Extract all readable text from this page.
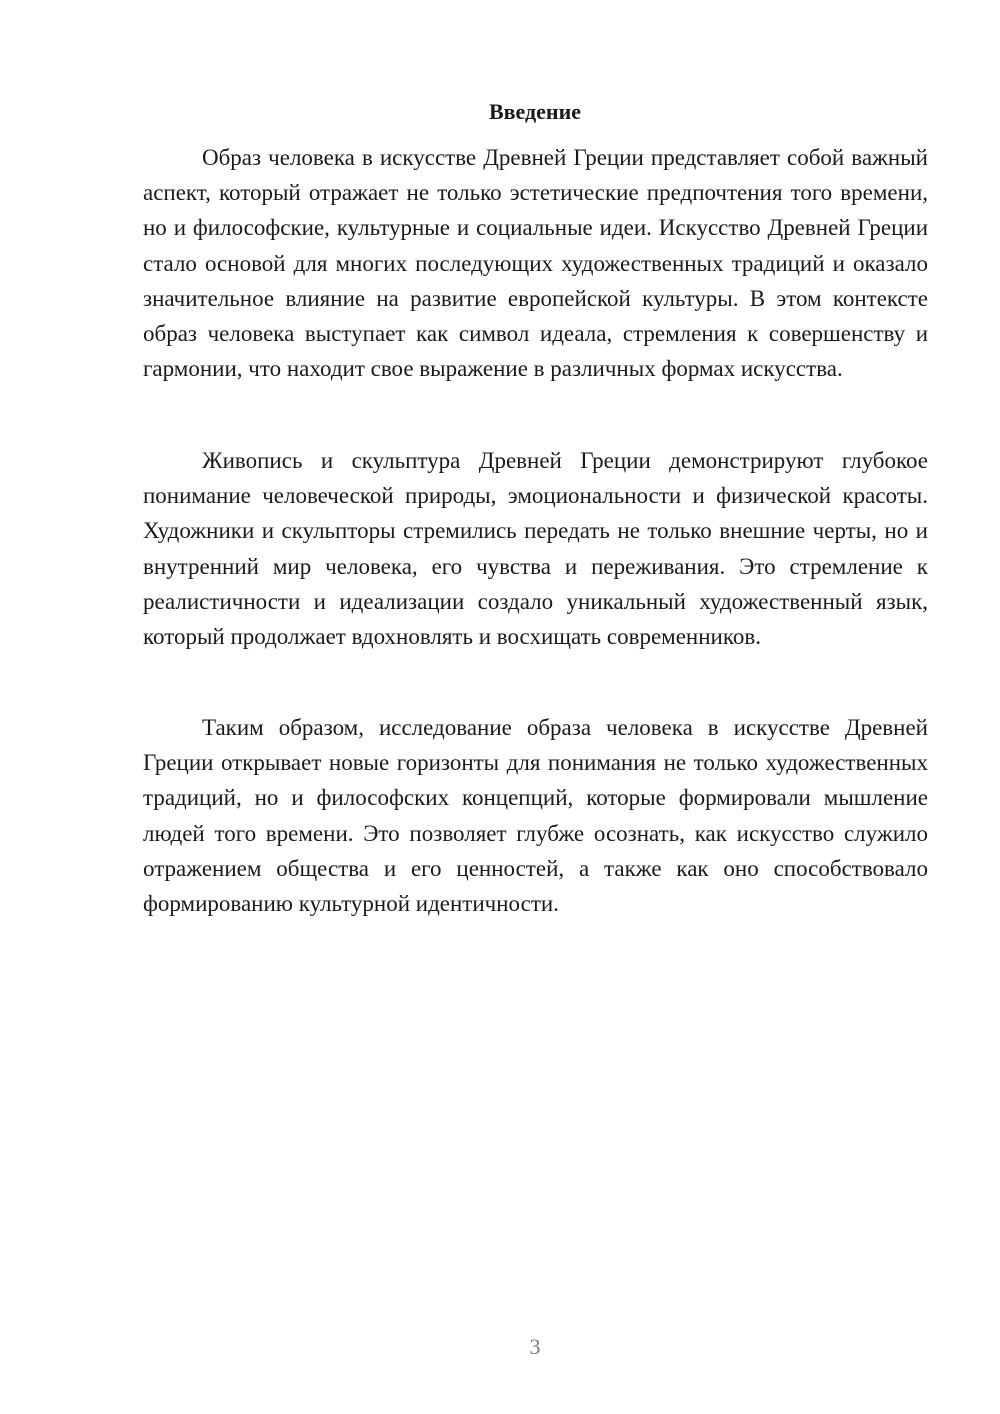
Введение

Образ человека в искусстве Древней Греции представляет собой важный аспект, который отражает не только эстетические предпочтения того времени, но и философские, культурные и социальные идеи. Искусство Древней Греции стало основой для многих последующих художественных традиций и оказало значительное влияние на развитие европейской культуры. В этом контексте образ человека выступает как символ идеала, стремления к совершенству и гармонии, что находит свое выражение в различных формах искусства.

Живопись и скульптура Древней Греции демонстрируют глубокое понимание человеческой природы, эмоциональности и физической красоты. Художники и скульпторы стремились передать не только внешние черты, но и внутренний мир человека, его чувства и переживания. Это стремление к реалистичности и идеализации создало уникальный художественный язык, который продолжает вдохновлять и восхищать современников.

Таким образом, исследование образа человека в искусстве Древней Греции открывает новые горизонты для понимания не только художественных традиций, но и философских концепций, которые формировали мышление людей того времени. Это позволяет глубже осознать, как искусство служило отражением общества и его ценностей, а также как оно способствовало формированию культурной идентичности.

3
